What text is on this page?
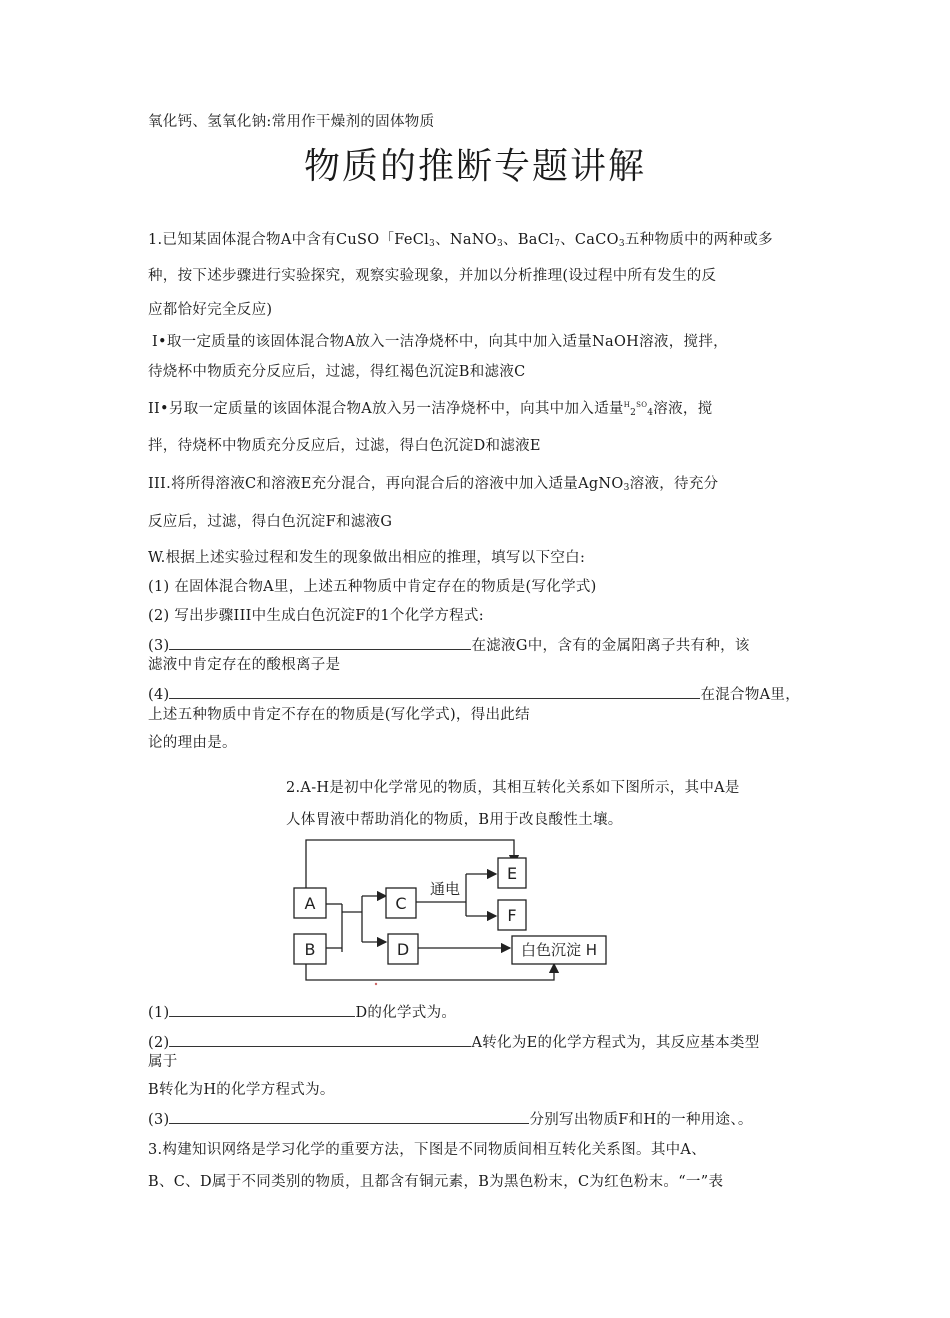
氧化钙、氢氧化钠:常用作干燥剂的固体物质
物质的推断专题讲解
1.已知某固体混合物A中含有CuSO「FeCl$_3$、NaNO$_3$、BaCl$_7$、CaCO$_3$五种物质中的两种或多
种，按下述步骤进行实验探究，观察实验现象，并加以分析推理(设过程中所有发生的反
应都恰好完全反应)
Ⅰ•取一定质量的该固体混合物A放入一洁净烧杯中，向其中加入适量NaOH溶液，搅拌，
待烧杯中物质充分反应后，过滤，得红褐色沉淀B和滤液C
II•另取一定质量的该固体混合物A放入另一洁净烧杯中，向其中加入适量$^H_2^{SO}_4$溶液，搅
拌，待烧杯中物质充分反应后，过滤，得白色沉淀D和滤液E
III.将所得溶液C和溶液E充分混合，再向混合后的溶液中加入适量AgNO$_3$溶液，待充分
反应后，过滤，得白色沉淀F和滤液G
W.根据上述实验过程和发生的现象做出相应的推理，填写以下空白:
(1) 在固体混合物A里，上述五种物质中肯定存在的物质是(写化学式)
(2) 写出步骤III中生成白色沉淀F的1个化学方程式:
(3)	在滤液G中，含有的金属阳离子共有种，该
滤液中肯定存在的酸根离子是
(4)	在混合物A里，
上述五种物质中肯定不存在的物质是(写化学式)，得出此结
论的理由是。
2.A-H是初中化学常见的物质，其相互转化关系如下图所示，其中A是
人体胃液中帮助消化的物质，B用于改良酸性土壤。
A
B
C
D
E
F
白色沉淀 H
通电
(1)	D的化学式为。
(2)	A转化为E的化学方程式为，其反应基本类型
属于
B转化为H的化学方程式为。
(3)	分别写出物质F和H的一种用途、。
3.构建知识网络是学习化学的重要方法，下图是不同物质间相互转化关系图。其中A、
B、C、D属于不同类别的物质，且都含有铜元素，B为黑色粉末，C为红色粉末。“一”表
